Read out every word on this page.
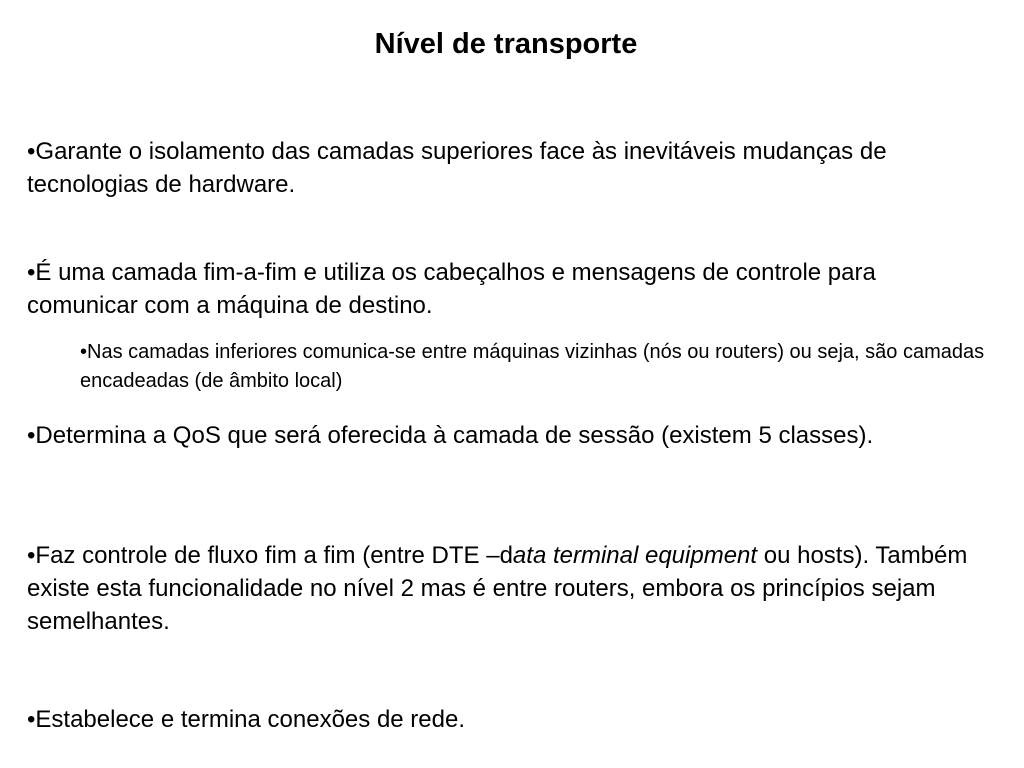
Nível de transporte

•Garante o isolamento das camadas superiores face às inevitáveis mudanças de tecnologias de hardware.

•É uma camada fim-a-fim e utiliza os cabeçalhos e mensagens de controle para comunicar com a máquina de destino.

•Nas camadas inferiores comunica-se entre máquinas vizinhas (nós ou routers) ou seja, são camadas encadeadas (de âmbito local)

•Determina a QoS que será oferecida à camada de sessão (existem 5 classes).

•Faz controle de fluxo fim a fim (entre DTE –data terminal equipment ou hosts). Também existe esta funcionalidade no nível 2 mas é entre routers, embora os princípios sejam semelhantes.

•Estabelece e termina conexões de rede.
